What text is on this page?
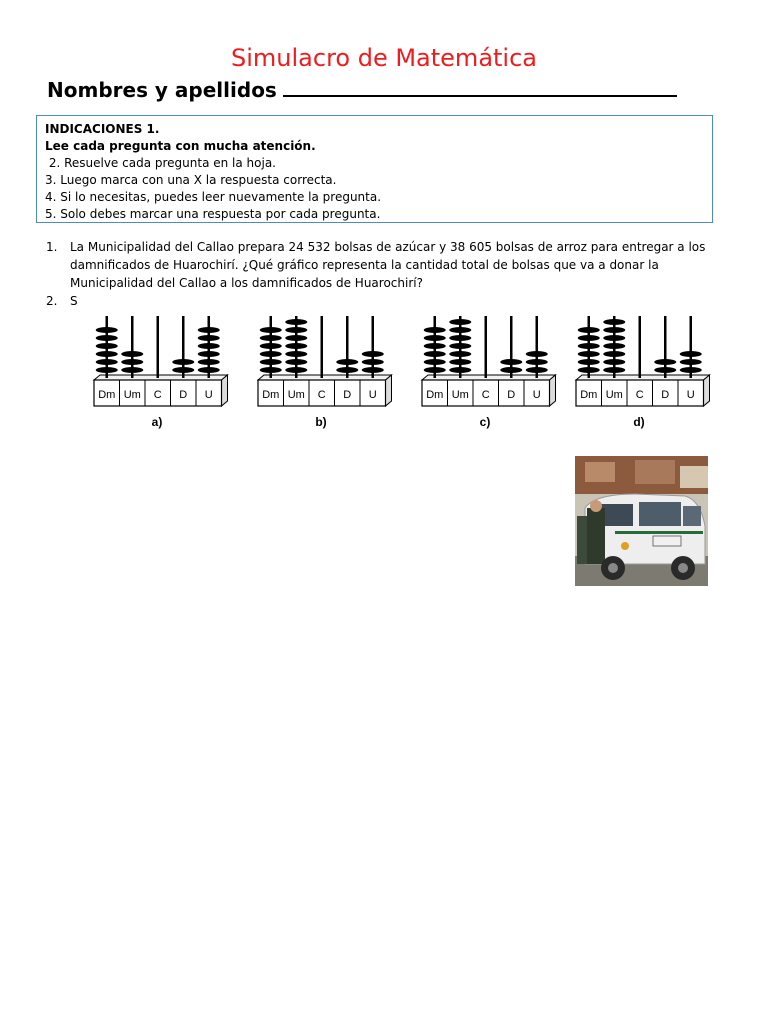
Simulacro de Matemática
Nombres y apellidos
INDICACIONES 1.
Lee cada pregunta con mucha atención.
2. Resuelve cada pregunta en la hoja.
3. Luego marca con una X la respuesta correcta.
4. Si lo necesitas, puedes leer nuevamente la pregunta.
5. Solo debes marcar una respuesta por cada pregunta.
1.	La Municipalidad del Callao prepara 24 532 bolsas de azúcar y 38 605 bolsas de arroz para entregar a los damnificados de Huarochirí. ¿Qué gráfico representa la cantidad total de bolsas que va a donar la Municipalidad del Callao a los damnificados de Huarochirí?
2.	S
Dm Um C D U
a)
Dm Um C D U
b)
Dm Um C D U
c)
Dm Um C D U
d)
